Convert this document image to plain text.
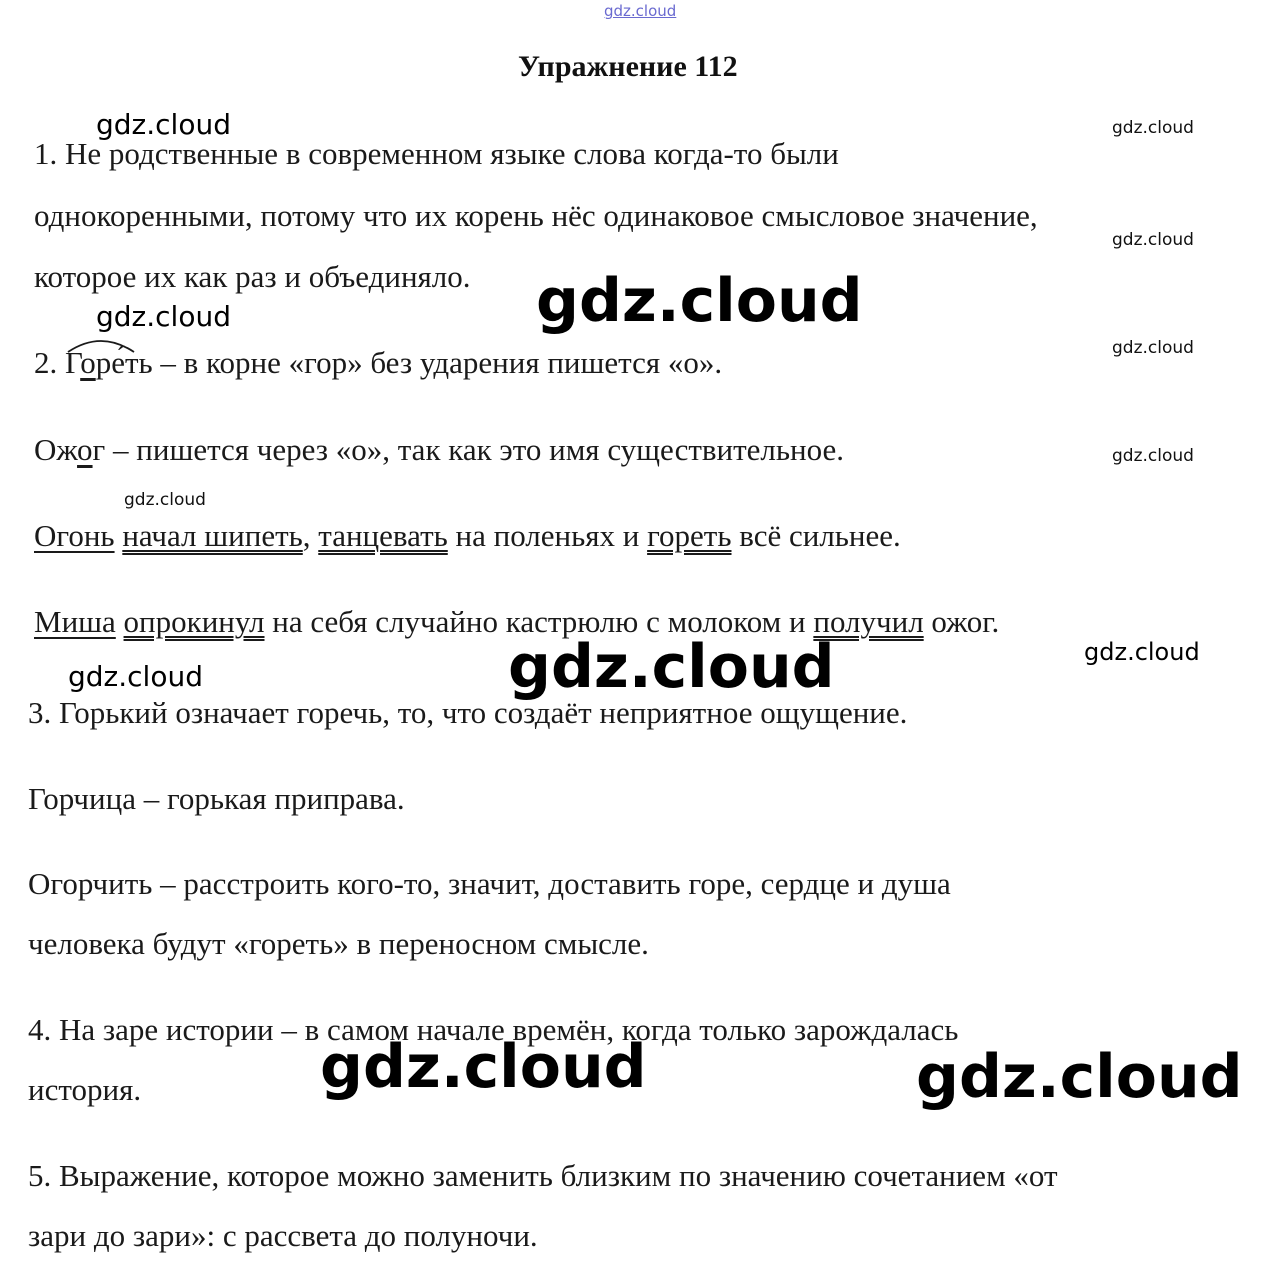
gdz.cloud
Упражнение 112
gdz.cloud	gdz.cloud
gdz.cloud
gdz.cloud
gdz.cloud
gdz.cloud
gdz.cloud
gdz.cloud
gdz.cloud
gdz.cloud
gdz.cloud
gdz.cloud	gdz.cloud
1. Не родственные в современном языке слова когда-то были
однокоренными, потому что их корень нёс одинаковое смысловое значение,
которое их как раз и объединяло.
2. Горе́ть – в корне «гор» без ударения пишется «о».
Ожог – пишется через «о», так как это имя существительное.
Огонь начал шипеть, танцевать на поленьях и гореть всё сильнее.
Миша опрокинул на себя случайно кастрюлю с молоком и получил ожог.
3. Горький означает горечь, то, что создаёт неприятное ощущение.
Горчица – горькая приправа.
Огорчить – расстроить кого-то, значит, доставить горе, сердце и душа
человека будут «гореть» в переносном смысле.
4. На заре истории – в самом начале времён, когда только зарождалась
история.
5. Выражение, которое можно заменить близким по значению сочетанием «от
зари до зари»: с рассвета до полуночи.
